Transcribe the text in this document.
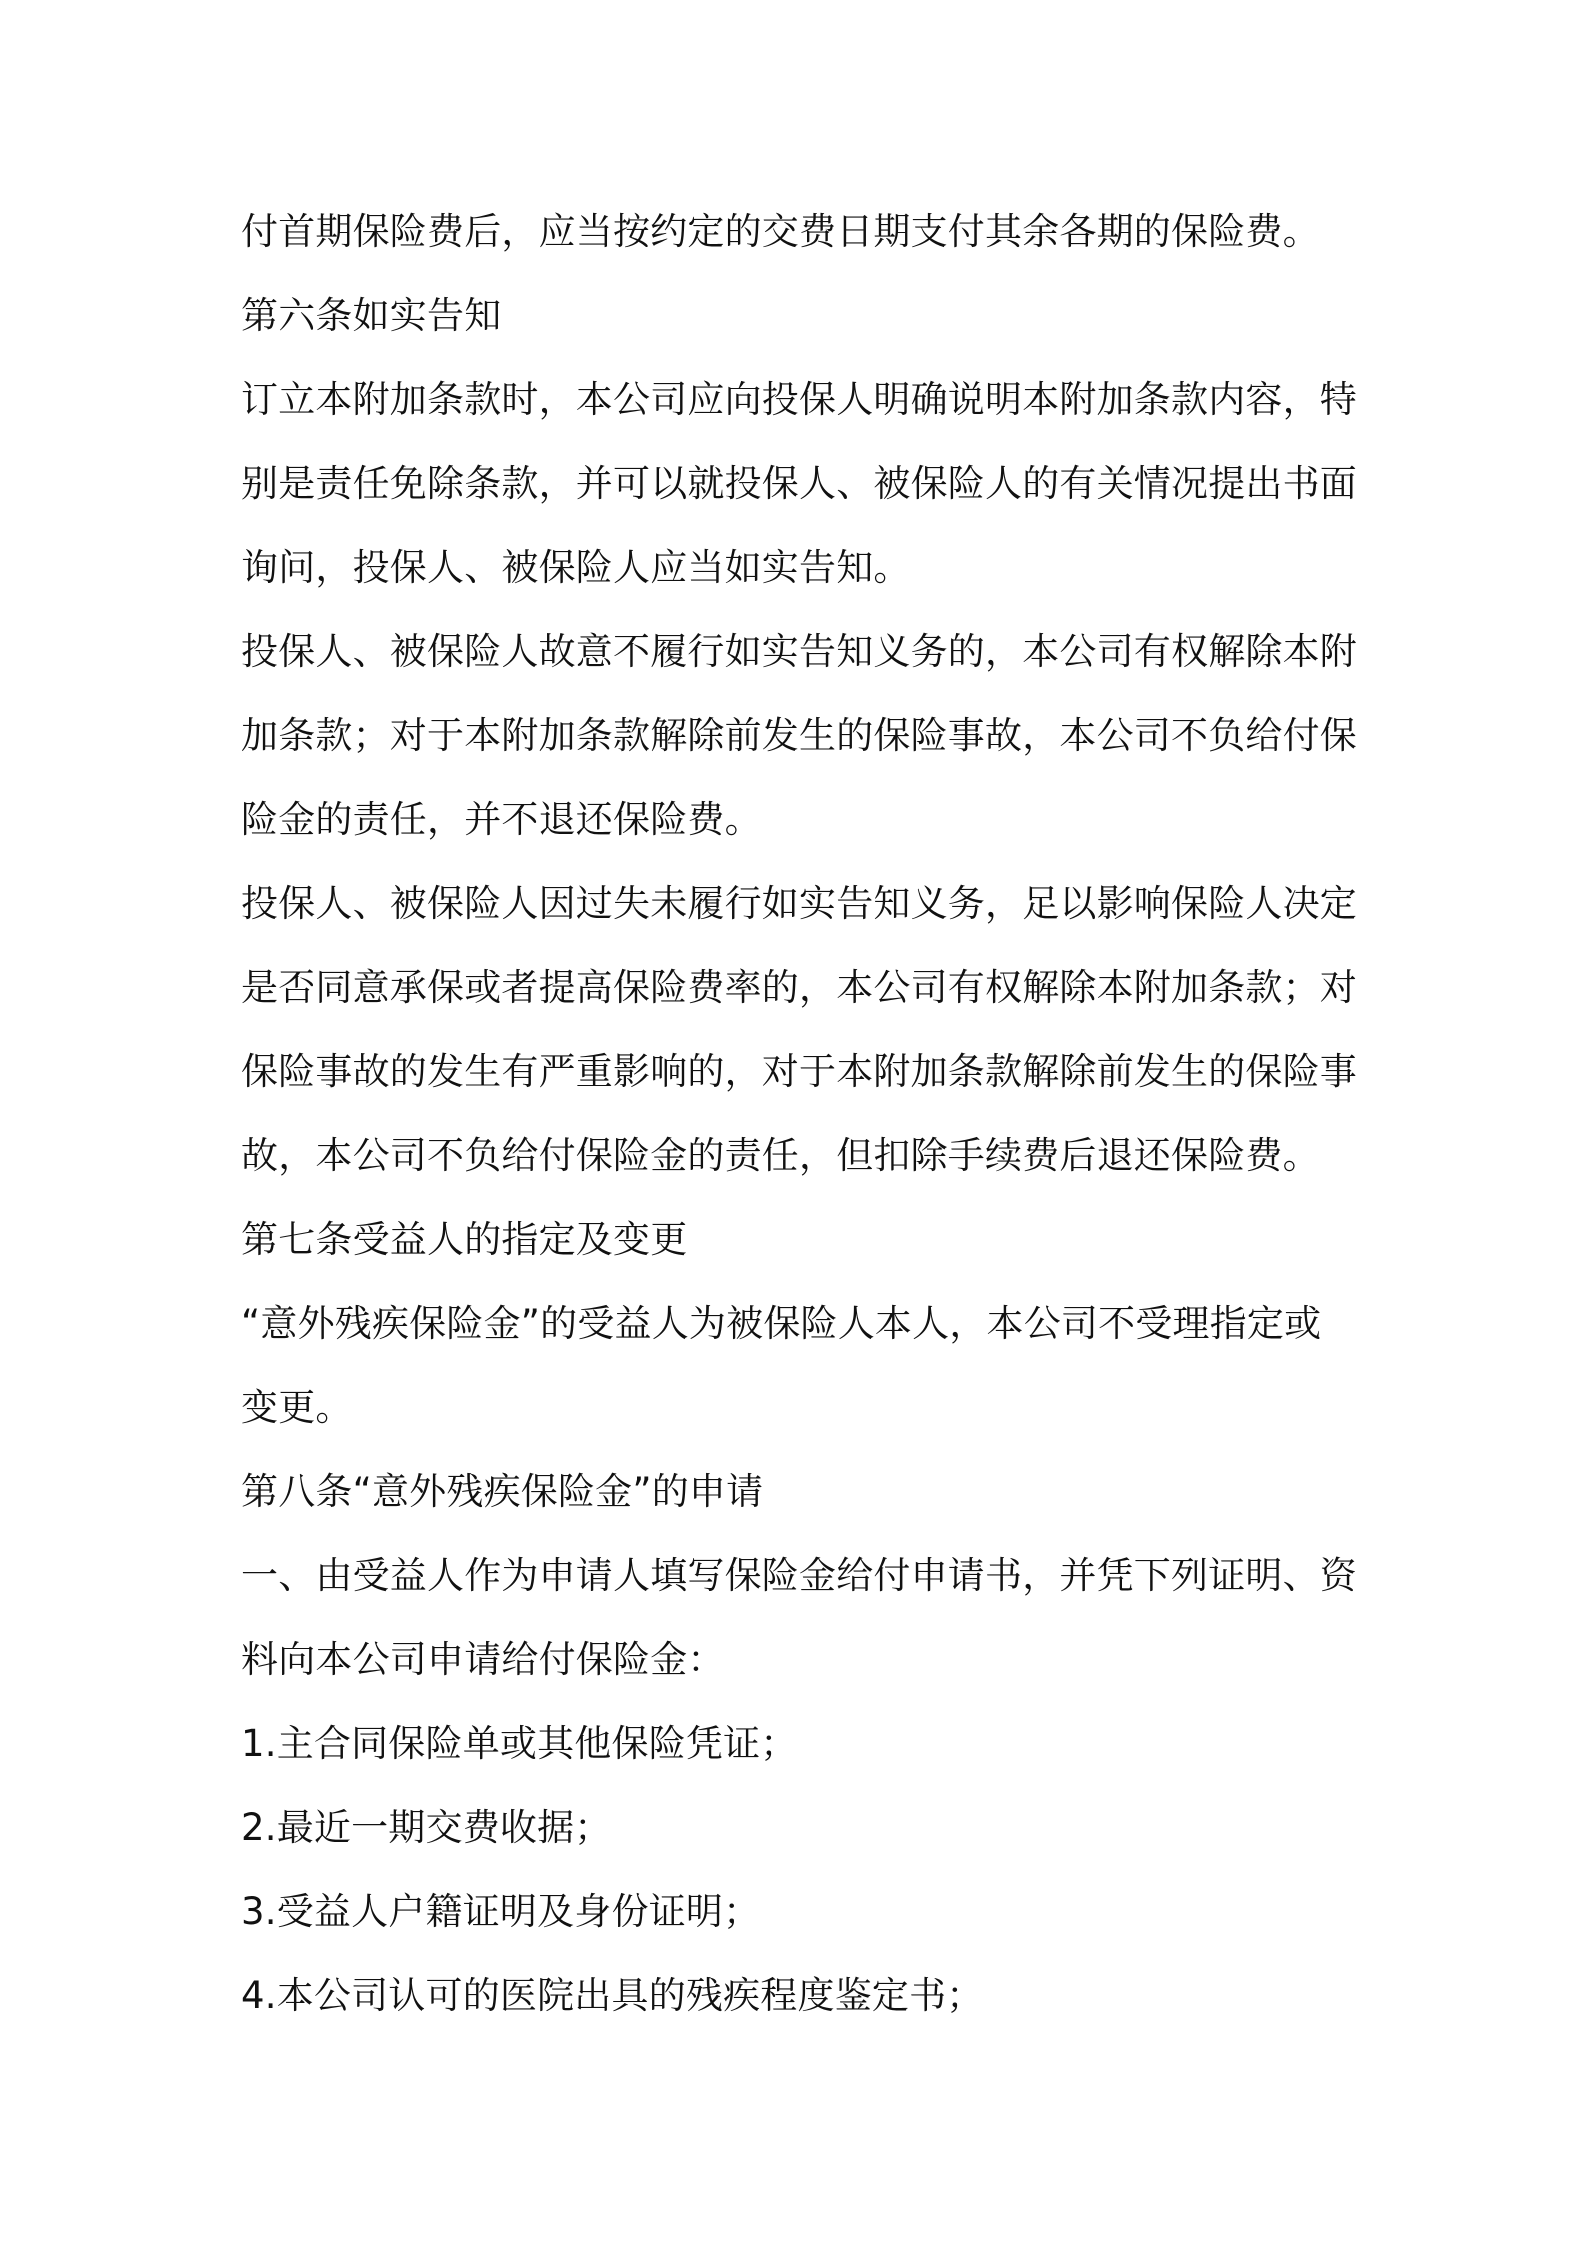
付首期保险费后，应当按约定的交费日期支付其余各期的保险费。

第六条如实告知

订立本附加条款时，本公司应向投保人明确说明本附加条款内容，特

别是责任免除条款，并可以就投保人、被保险人的有关情况提出书面

询问，投保人、被保险人应当如实告知。

投保人、被保险人故意不履行如实告知义务的，本公司有权解除本附

加条款；对于本附加条款解除前发生的保险事故，本公司不负给付保

险金的责任，并不退还保险费。

投保人、被保险人因过失未履行如实告知义务，足以影响保险人决定

是否同意承保或者提高保险费率的，本公司有权解除本附加条款；对

保险事故的发生有严重影响的，对于本附加条款解除前发生的保险事

故，本公司不负给付保险金的责任，但扣除手续费后退还保险费。

第七条受益人的指定及变更

“意外残疾保险金”的受益人为被保险人本人，本公司不受理指定或

变更。

第八条“意外残疾保险金”的申请

一、由受益人作为申请人填写保险金给付申请书，并凭下列证明、资

料向本公司申请给付保险金：

1.主合同保险单或其他保险凭证；

2.最近一期交费收据；

3.受益人户籍证明及身份证明；

4.本公司认可的医院出具的残疾程度鉴定书；
